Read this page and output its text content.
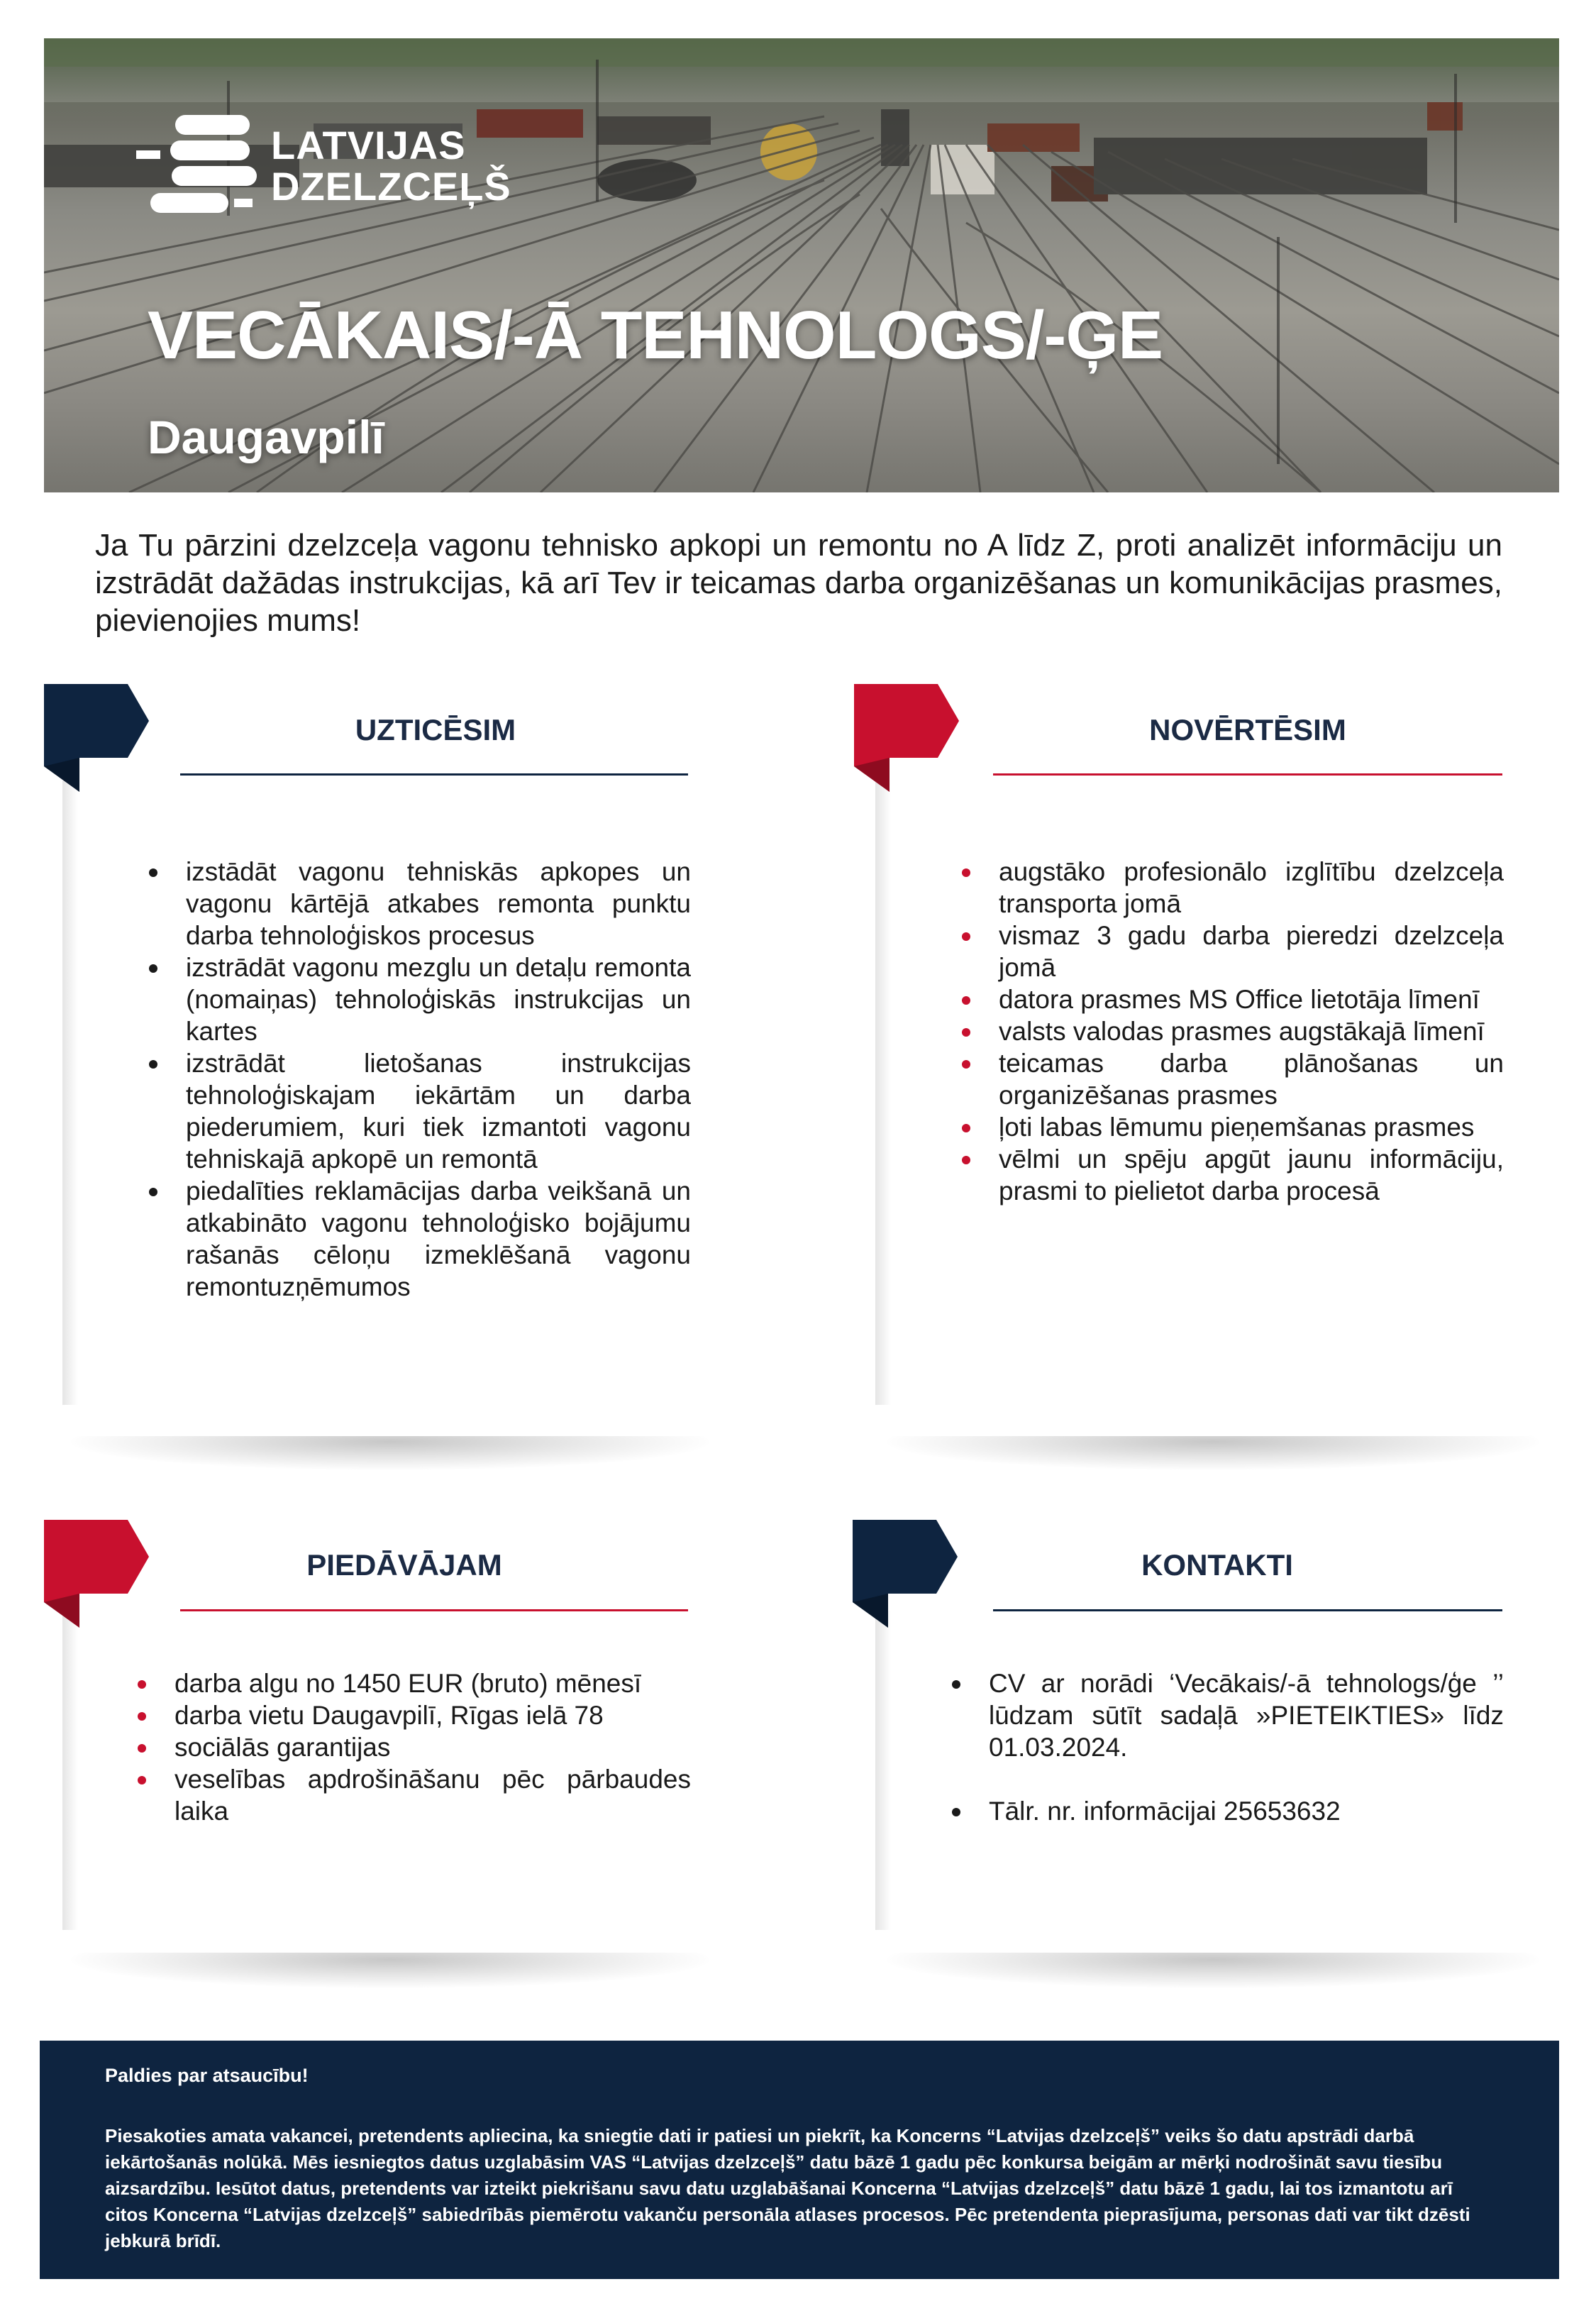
LATVIJAS
DZELZCEĻŠ
VECĀKAIS/-Ā TEHNOLOGS/-ĢE
Daugavpilī
Ja Tu pārzini dzelzceļa vagonu tehnisko apkopi un remontu no A līdz Z, proti analizēt informāciju un izstrādāt dažādas instrukcijas, kā arī Tev ir teicamas darba organizēšanas un komunikācijas prasmes, pievienojies mums!
UZTICĒSIM
izstādāt vagonu tehniskās apkopes un vagonu kārtējā atkabes remonta punktu darba tehnoloģiskos procesus
izstrādāt vagonu mezglu un detaļu remonta (nomaiņas) tehnoloģiskās instrukcijas un kartes
izstrādāt lietošanas instrukcijas tehnoloģiskajam iekārtām un darba piederumiem, kuri tiek izmantoti vagonu tehniskajā apkopē un remontā
piedalīties reklamācijas darba veikšanā un atkabināto vagonu tehnoloģisko bojājumu rašanās cēloņu izmeklēšanā vagonu remontuzņēmumos
NOVĒRTĒSIM
augstāko profesionālo izglītību dzelzceļa transporta jomā
vismaz 3 gadu darba pieredzi dzelzceļa jomā
datora prasmes MS Office lietotāja līmenī
valsts valodas prasmes augstākajā līmenī
teicamas darba plānošanas un organizēšanas prasmes
ļoti labas lēmumu pieņemšanas prasmes
vēlmi un spēju apgūt jaunu informāciju, prasmi to pielietot darba procesā
PIEDĀVĀJAM
darba algu no 1450 EUR (bruto) mēnesī
darba vietu Daugavpilī, Rīgas ielā 78
sociālās garantijas
veselības apdrošināšanu pēc pārbaudes laika
KONTAKTI
CV ar norādi ‘Vecākais/-ā tehnologs/ģe ’’ lūdzam sūtīt sadaļā »PIETEIKTIES» līdz 01.03.2024.
Tālr. nr. informācijai 25653632
Paldies par atsaucību!
Piesakoties amata vakancei, pretendents apliecina, ka sniegtie dati ir patiesi un piekrīt, ka Koncerns “Latvijas dzelzceļš” veiks šo datu apstrādi darbā iekārtošanās nolūkā. Mēs iesniegtos datus uzglabāsim VAS “Latvijas dzelzceļš” datu bāzē 1 gadu pēc konkursa beigām ar mērķi nodrošināt savu tiesību aizsardzību. Iesūtot datus, pretendents var izteikt piekrišanu savu datu uzglabāšanai Koncerna “Latvijas dzelzceļš” datu bāzē 1 gadu, lai tos izmantotu arī citos Koncerna “Latvijas dzelzceļš” sabiedrībās piemērotu vakanču personāla atlases procesos. Pēc pretendenta pieprasījuma, personas dati var tikt dzēsti jebkurā brīdī.
